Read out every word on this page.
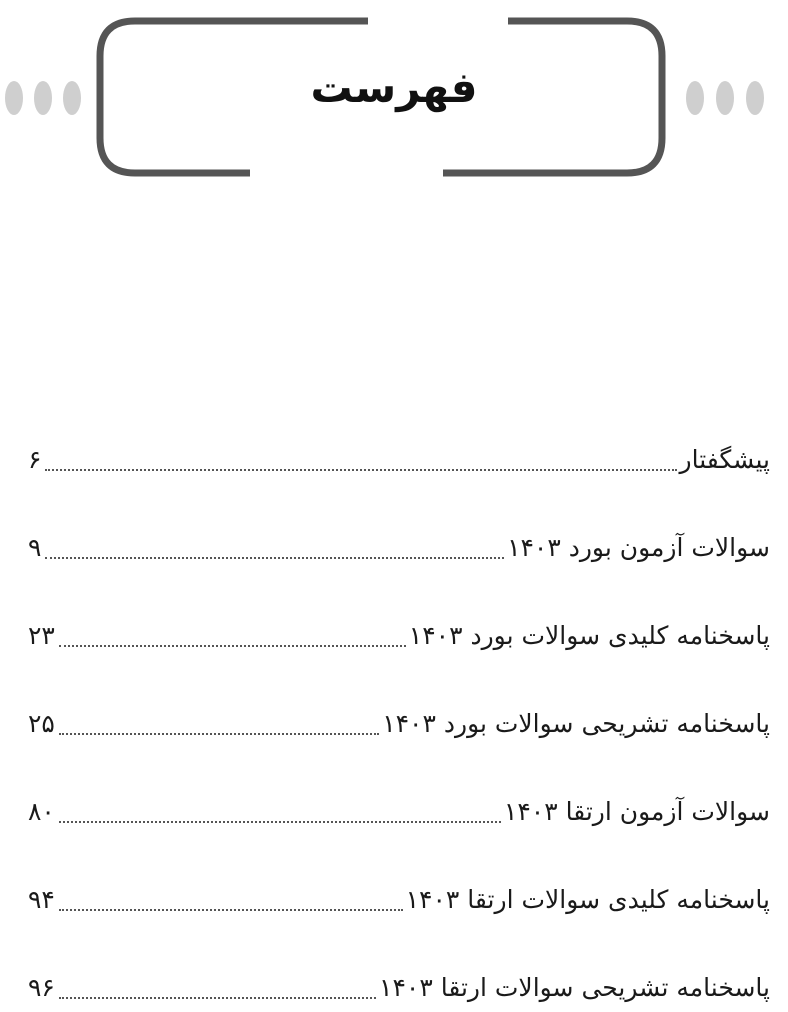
فهرست
پیشگفتار
۶
سوالات آزمون بورد ۱۴۰۳
۹
پاسخنامه کلیدی سوالات بورد ۱۴۰۳
۲۳
پاسخنامه تشریحی سوالات بورد ۱۴۰۳
۲۵
سوالات آزمون ارتقا ۱۴۰۳
۸۰
پاسخنامه کلیدی سوالات ارتقا ۱۴۰۳
۹۴
پاسخنامه تشریحی سوالات ارتقا ۱۴۰۳
۹۶
